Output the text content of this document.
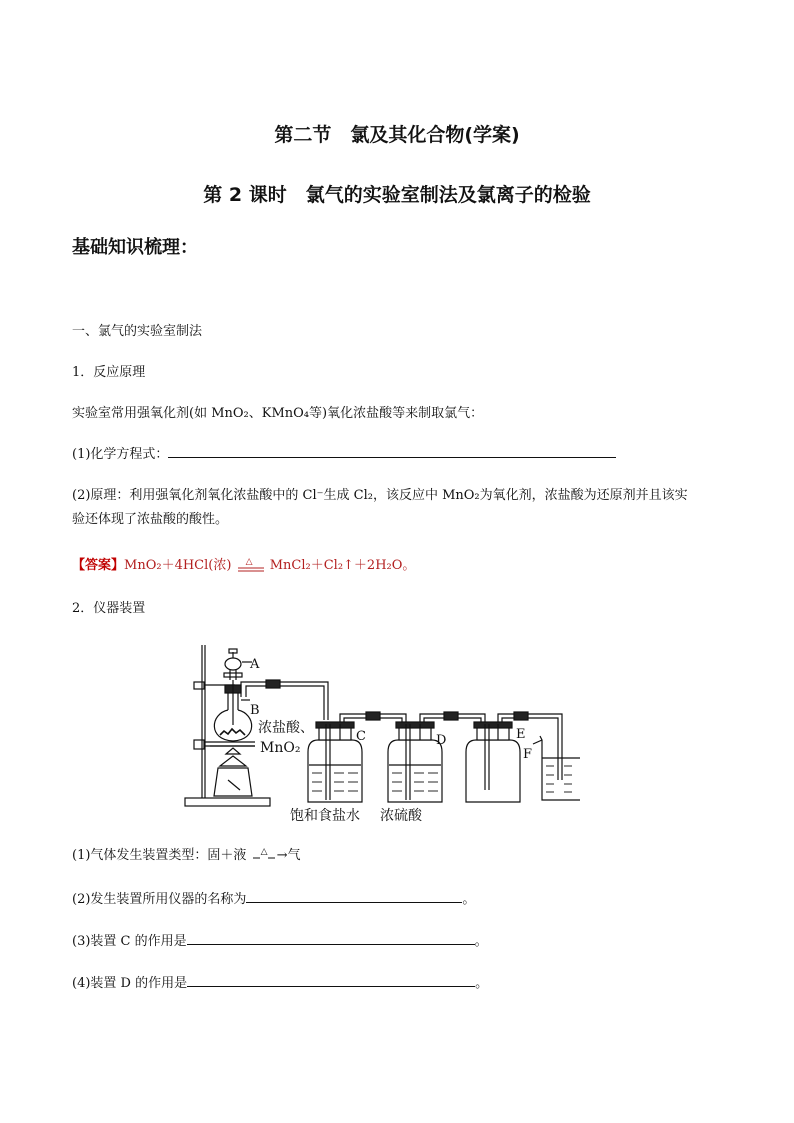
第二节　氯及其化合物(学案)
第 2 课时　氯气的实验室制法及氯离子的检验
基础知识梳理：
一、氯气的实验室制法
1．反应原理
实验室常用强氧化剂(如 MnO₂、KMnO₄等)氧化浓盐酸等来制取氯气：
(1)化学方程式：
(2)原理：利用强氧化剂氧化浓盐酸中的 Cl⁻生成 Cl₂，该反应中 MnO₂为氧化剂，浓盐酸为还原剂并且该实
验还体现了浓盐酸的酸性。
【答案】MnO₂＋4HCl(浓) △ MnCl₂＋Cl₂↑＋2H₂O。
2．仪器装置
A
B
浓盐酸、
MnO₂
C	D	E
F
饱和食盐水 浓硫酸
(1)气体发生装置类型：固＋液 △ →气
(2)发生装置所用仪器的名称为	。
(3)装置 C 的作用是	。
(4)装置 D 的作用是	。
